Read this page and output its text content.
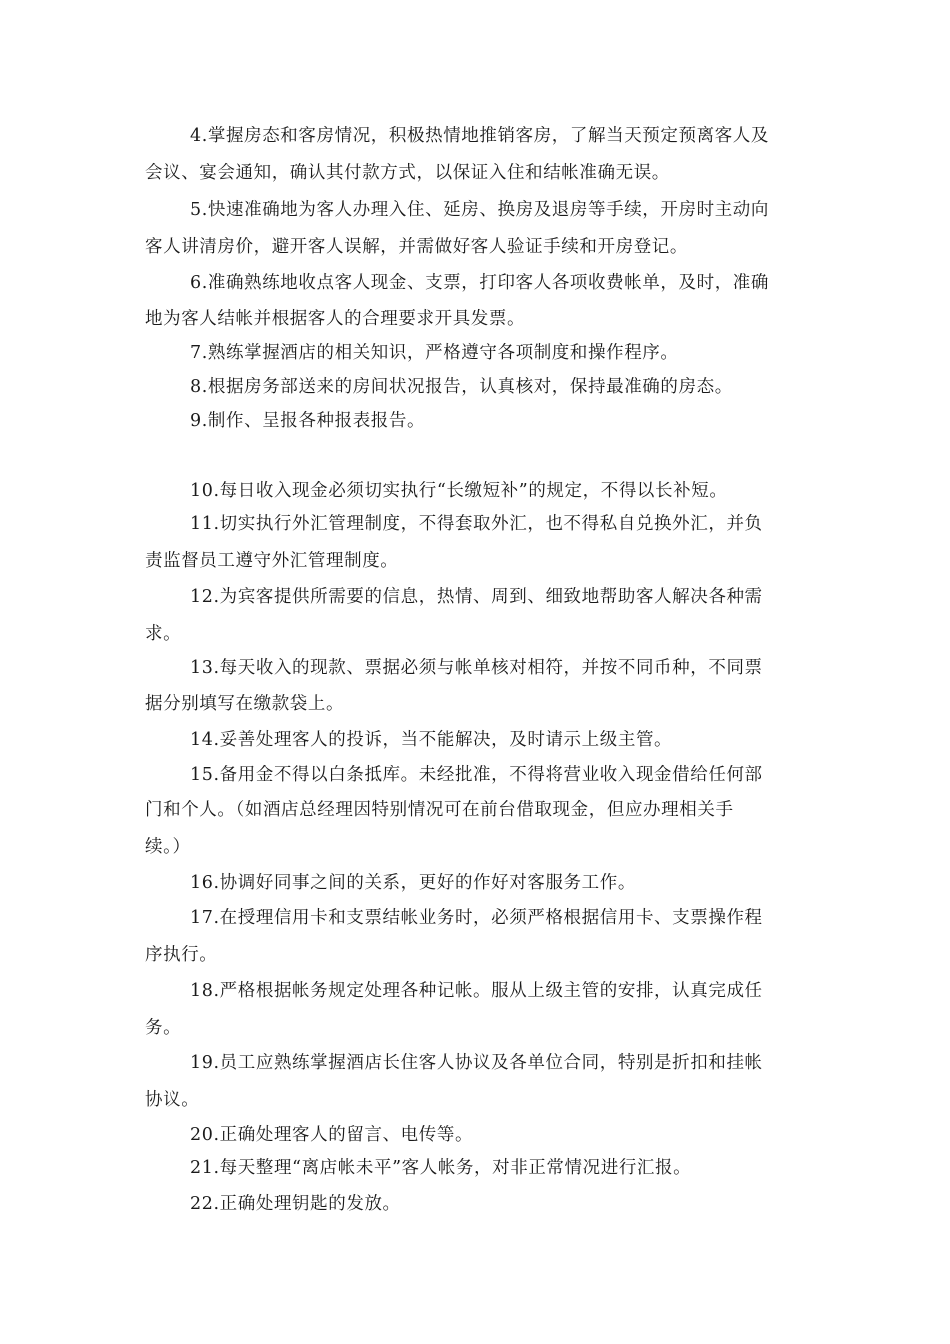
4.掌握房态和客房情况，积极热情地推销客房，了解当天预定预离客人及
会议、宴会通知，确认其付款方式，以保证入住和结帐准确无误。
5.快速准确地为客人办理入住、延房、换房及退房等手续，开房时主动向
客人讲清房价，避开客人误解，并需做好客人验证手续和开房登记。
6.准确熟练地收点客人现金、支票，打印客人各项收费帐单，及时，准确
地为客人结帐并根据客人的合理要求开具发票。
7.熟练掌握酒店的相关知识，严格遵守各项制度和操作程序。
8.根据房务部送来的房间状况报告，认真核对，保持最准确的房态。
9.制作、呈报各种报表报告。
10.每日收入现金必须切实执行“长缴短补”的规定，不得以长补短。
11.切实执行外汇管理制度，不得套取外汇，也不得私自兑换外汇，并负
责监督员工遵守外汇管理制度。
12.为宾客提供所需要的信息，热情、周到、细致地帮助客人解决各种需
求。
13.每天收入的现款、票据必须与帐单核对相符，并按不同币种，不同票
据分别填写在缴款袋上。
14.妥善处理客人的投诉，当不能解决，及时请示上级主管。
15.备用金不得以白条抵库。未经批准，不得将营业收入现金借给任何部
门和个人。（如酒店总经理因特别情况可在前台借取现金，但应办理相关手
续。）
16.协调好同事之间的关系，更好的作好对客服务工作。
17.在授理信用卡和支票结帐业务时，必须严格根据信用卡、支票操作程
序执行。
18.严格根据帐务规定处理各种记帐。服从上级主管的安排，认真完成任
务。
19.员工应熟练掌握酒店长住客人协议及各单位合同，特别是折扣和挂帐
协议。
20.正确处理客人的留言、电传等。
21.每天整理“离店帐未平”客人帐务，对非正常情况进行汇报。
22.正确处理钥匙的发放。
